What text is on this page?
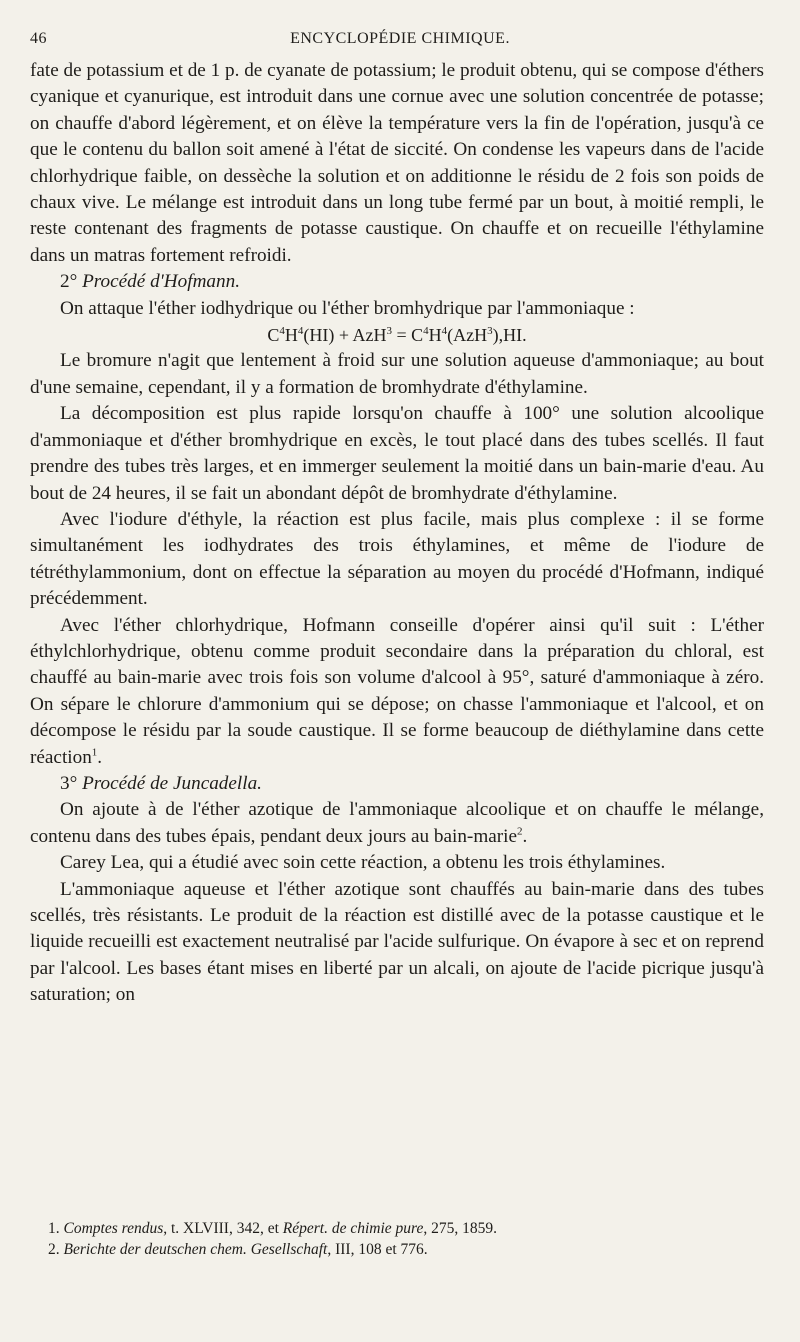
46	ENCYCLOPÉDIE CHIMIQUE.

fate de potassium et de 1 p. de cyanate de potassium; le produit obtenu, qui se compose d'éthers cyanique et cyanurique, est introduit dans une cornue avec une solution concentrée de potasse; on chauffe d'abord légèrement, et on élève la température vers la fin de l'opération, jusqu'à ce que le contenu du ballon soit amené à l'état de siccité. On condense les vapeurs dans de l'acide chlorhydrique faible, on dessèche la solution et on additionne le résidu de 2 fois son poids de chaux vive. Le mélange est introduit dans un long tube fermé par un bout, à moitié rempli, le reste contenant des fragments de potasse caustique. On chauffe et on recueille l'éthylamine dans un matras fortement refroidi.

2° Procédé d'Hofmann.

On attaque l'éther iodhydrique ou l'éther bromhydrique par l'ammoniaque :

$C^4H^4(HI) + AzH^3 = C^4H^4(AzH^3),HI$.

Le bromure n'agit que lentement à froid sur une solution aqueuse d'ammoniaque; au bout d'une semaine, cependant, il y a formation de bromhydrate d'éthylamine.

La décomposition est plus rapide lorsqu'on chauffe à 100° une solution alcoolique d'ammoniaque et d'éther bromhydrique en excès, le tout placé dans des tubes scellés. Il faut prendre des tubes très larges, et en immerger seulement la moitié dans un bain-marie d'eau. Au bout de 24 heures, il se fait un abondant dépôt de bromhydrate d'éthylamine.

Avec l'iodure d'éthyle, la réaction est plus facile, mais plus complexe : il se forme simultanément les iodhydrates des trois éthylamines, et même de l'iodure de tétréthylammonium, dont on effectue la séparation au moyen du procédé d'Hofmann, indiqué précédemment.

Avec l'éther chlorhydrique, Hofmann conseille d'opérer ainsi qu'il suit : L'éther éthylchlorhydrique, obtenu comme produit secondaire dans la préparation du chloral, est chauffé au bain-marie avec trois fois son volume d'alcool à 95°, saturé d'ammoniaque à zéro. On sépare le chlorure d'ammonium qui se dépose; on chasse l'ammoniaque et l'alcool, et on décompose le résidu par la soude caustique. Il se forme beaucoup de diéthylamine dans cette réaction$^1$.

3° Procédé de Juncadella.

On ajoute à de l'éther azotique de l'ammoniaque alcoolique et on chauffe le mélange, contenu dans des tubes épais, pendant deux jours au bain-marie$^2$.

Carey Lea, qui a étudié avec soin cette réaction, a obtenu les trois éthylamines.

L'ammoniaque aqueuse et l'éther azotique sont chauffés au bain-marie dans des tubes scellés, très résistants. Le produit de la réaction est distillé avec de la potasse caustique et le liquide recueilli est exactement neutralisé par l'acide sulfurique. On évapore à sec et on reprend par l'alcool. Les bases étant mises en liberté par un alcali, on ajoute de l'acide picrique jusqu'à saturation; on

1. Comptes rendus, t. XLVIII, 342, et Répert. de chimie pure, 275, 1859.

2. Berichte der deutschen chem. Gesellschaft, III, 108 et 776.
